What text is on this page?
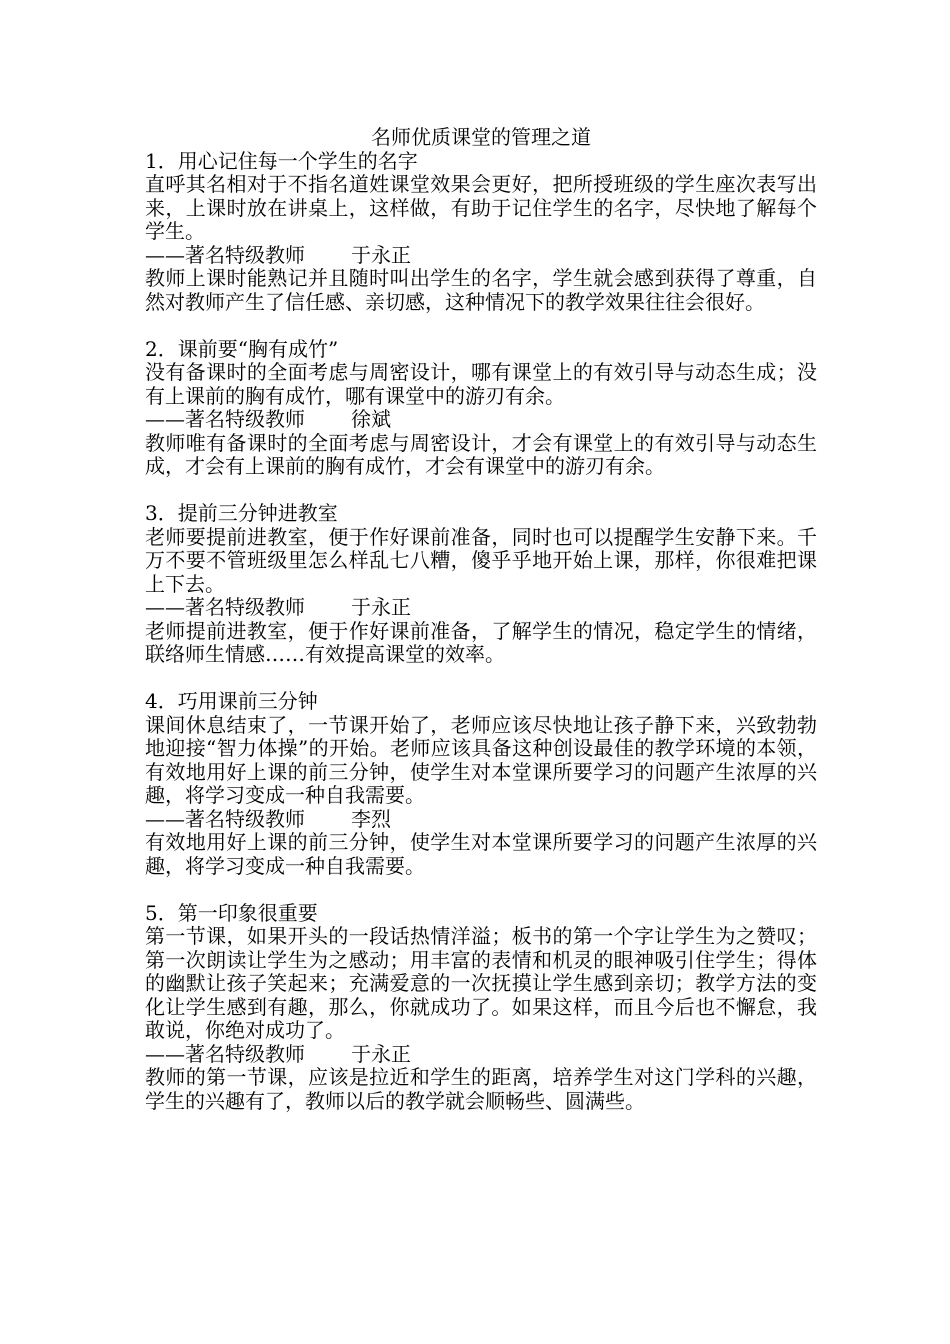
名师优质课堂的管理之道

1．用心记住每一个学生的名字

直呼其名相对于不指名道姓课堂效果会更好，把所授班级的学生座次表写出来，上课时放在讲桌上，这样做，有助于记住学生的名字，尽快地了解每个学生。

——著名特级教师 于永正

教师上课时能熟记并且随时叫出学生的名字，学生就会感到获得了尊重，自然对教师产生了信任感、亲切感，这种情况下的教学效果往往会很好。

2．课前要“胸有成竹”

没有备课时的全面考虑与周密设计，哪有课堂上的有效引导与动态生成；没有上课前的胸有成竹，哪有课堂中的游刃有余。

——著名特级教师 徐斌

教师唯有备课时的全面考虑与周密设计，才会有课堂上的有效引导与动态生成，才会有上课前的胸有成竹，才会有课堂中的游刃有余。

3．提前三分钟进教室

老师要提前进教室，便于作好课前准备，同时也可以提醒学生安静下来。千万不要不管班级里怎么样乱七八糟，傻乎乎地开始上课，那样，你很难把课上下去。

——著名特级教师 于永正

老师提前进教室，便于作好课前准备，了解学生的情况，稳定学生的情绪，联络师生情感……有效提高课堂的效率。

4．巧用课前三分钟

课间休息结束了，一节课开始了，老师应该尽快地让孩子静下来，兴致勃勃地迎接“智力体操”的开始。老师应该具备这种创设最佳的教学环境的本领，有效地用好上课的前三分钟，使学生对本堂课所要学习的问题产生浓厚的兴趣，将学习变成一种自我需要。

——著名特级教师 李烈

有效地用好上课的前三分钟，使学生对本堂课所要学习的问题产生浓厚的兴趣，将学习变成一种自我需要。

5．第一印象很重要

第一节课，如果开头的一段话热情洋溢；板书的第一个字让学生为之赞叹；第一次朗读让学生为之感动；用丰富的表情和机灵的眼神吸引住学生；得体的幽默让孩子笑起来；充满爱意的一次抚摸让学生感到亲切；教学方法的变化让学生感到有趣，那么，你就成功了。如果这样，而且今后也不懈怠，我敢说，你绝对成功了。

——著名特级教师 于永正

教师的第一节课，应该是拉近和学生的距离，培养学生对这门学科的兴趣，学生的兴趣有了，教师以后的教学就会顺畅些、圆满些。
